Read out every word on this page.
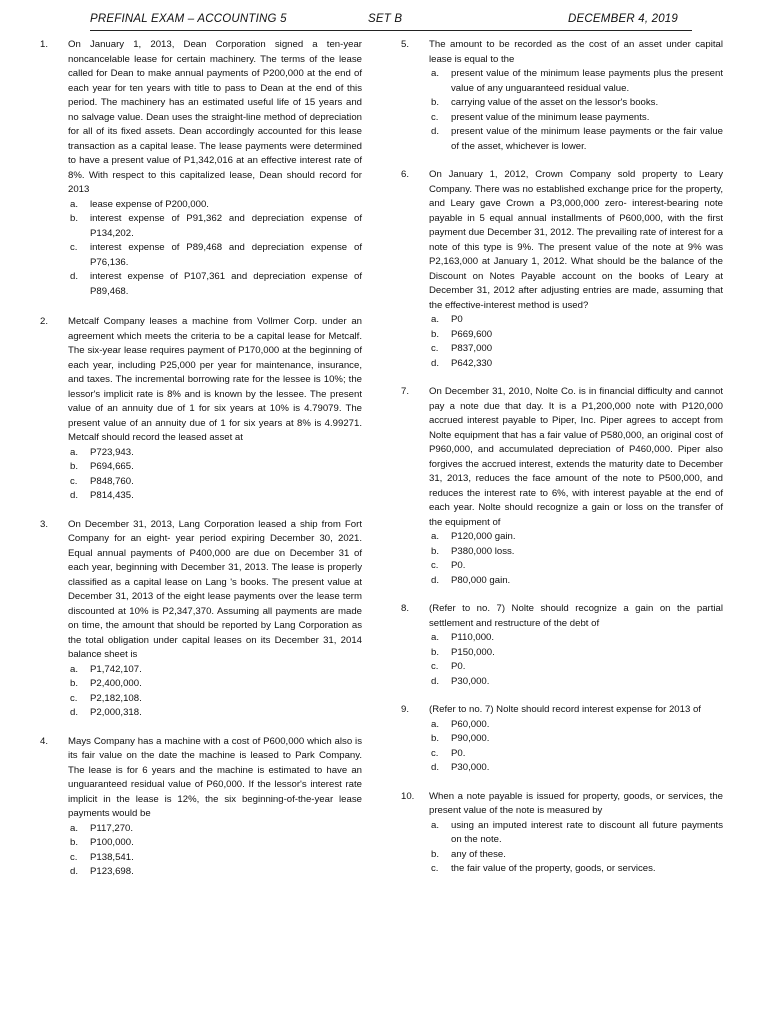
PREFINAL EXAM – ACCOUNTING 5	SET B	DECEMBER 4, 2019
1. On January 1, 2013, Dean Corporation signed a ten-year noncancelable lease for certain machinery. The terms of the lease called for Dean to make annual payments of P200,000 at the end of each year for ten years with title to pass to Dean at the end of this period. The machinery has an estimated useful life of 15 years and no salvage value. Dean uses the straight-line method of depreciation for all of its fixed assets. Dean accordingly accounted for this lease transaction as a capital lease. The lease payments were determined to have a present value of P1,342,016 at an effective interest rate of 8%. With respect to this capitalized lease, Dean should record for 2013
a. lease expense of P200,000.
b. interest expense of P91,362 and depreciation expense of P134,202.
c. interest expense of P89,468 and depreciation expense of P76,136.
d. interest expense of P107,361 and depreciation expense of P89,468.
2. Metcalf Company leases a machine from Vollmer Corp. under an agreement which meets the criteria to be a capital lease for Metcalf. The six-year lease requires payment of P170,000 at the beginning of each year, including P25,000 per year for maintenance, insurance, and taxes. The incremental borrowing rate for the lessee is 10%; the lessor's implicit rate is 8% and is known by the lessee. The present value of an annuity due of 1 for six years at 10% is 4.79079. The present value of an annuity due of 1 for six years at 8% is 4.99271. Metcalf should record the leased asset at
a. P723,943.
b. P694,665.
c. P848,760.
d. P814,435.
3. On December 31, 2013, Lang Corporation leased a ship from Fort Company for an eight- year period expiring December 30, 2021. Equal annual payments of P400,000 are due on December 31 of each year, beginning with December 31, 2013. The lease is properly classified as a capital lease on Lang 's books. The present value at December 31, 2013 of the eight lease payments over the lease term discounted at 10% is P2,347,370. Assuming all payments are made on time, the amount that should be reported by Lang Corporation as the total obligation under capital leases on its December 31, 2014 balance sheet is
a. P1,742,107.
b. P2,400,000.
c. P2,182,108.
d. P2,000,318.
4. Mays Company has a machine with a cost of P600,000 which also is its fair value on the date the machine is leased to Park Company. The lease is for 6 years and the machine is estimated to have an unguaranteed residual value of P60,000. If the lessor's interest rate implicit in the lease is 12%, the six beginning-of-the-year lease payments would be
a. P117,270.
b. P100,000.
c. P138,541.
d. P123,698.
5. The amount to be recorded as the cost of an asset under capital lease is equal to the
a. present value of the minimum lease payments plus the present value of any unguaranteed residual value.
b. carrying value of the asset on the lessor's books.
c. present value of the minimum lease payments.
d. present value of the minimum lease payments or the fair value of the asset, whichever is lower.
6. On January 1, 2012, Crown Company sold property to Leary Company. There was no established exchange price for the property, and Leary gave Crown a P3,000,000 zero- interest-bearing note payable in 5 equal annual installments of P600,000, with the first payment due December 31, 2012. The prevailing rate of interest for a note of this type is 9%. The present value of the note at 9% was P2,163,000 at January 1, 2012. What should be the balance of the Discount on Notes Payable account on the books of Leary at December 31, 2012 after adjusting entries are made, assuming that the effective-interest method is used?
a. P0
b. P669,600
c. P837,000
d. P642,330
7. On December 31, 2010, Nolte Co. is in financial difficulty and cannot pay a note due that day. It is a P1,200,000 note with P120,000 accrued interest payable to Piper, Inc. Piper agrees to accept from Nolte equipment that has a fair value of P580,000, an original cost of P960,000, and accumulated depreciation of P460,000. Piper also forgives the accrued interest, extends the maturity date to December 31, 2013, reduces the face amount of the note to P500,000, and reduces the interest rate to 6%, with interest payable at the end of each year. Nolte should recognize a gain or loss on the transfer of the equipment of
a. P120,000 gain.
b. P380,000 loss.
c. P0.
d. P80,000 gain.
8. (Refer to no. 7) Nolte should recognize a gain on the partial settlement and restructure of the debt of
a. P110,000.
b. P150,000.
c. P0.
d. P30,000.
9. (Refer to no. 7) Nolte should record interest expense for 2013 of
a. P60,000.
b. P90,000.
c. P0.
d. P30,000.
10. When a note payable is issued for property, goods, or services, the present value of the note is measured by
a. using an imputed interest rate to discount all future payments on the note.
b. any of these.
c. the fair value of the property, goods, or services.
